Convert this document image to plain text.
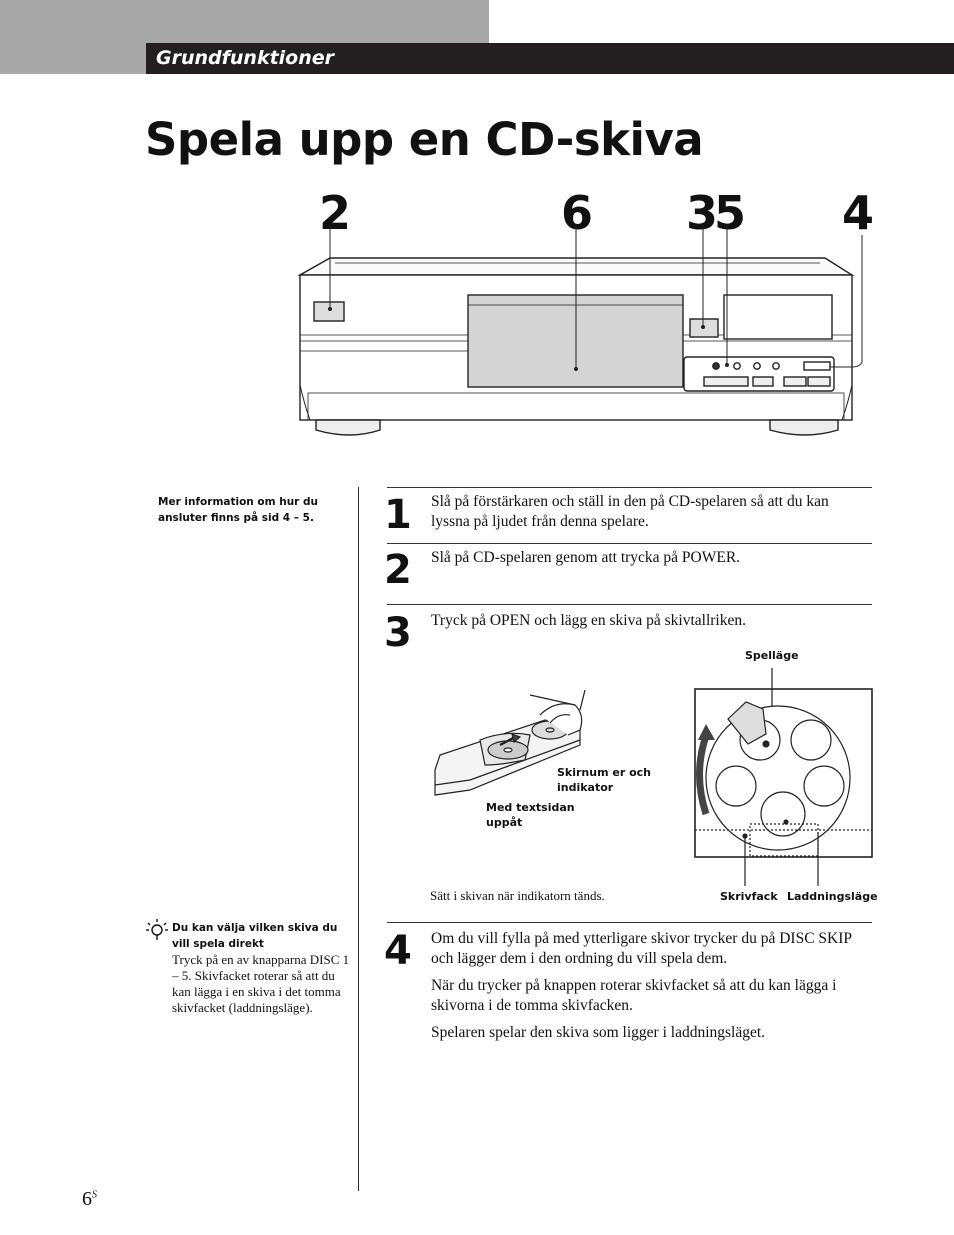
Grundfunktioner
Spela upp en CD-skiva
2	6 3
5 4
Mer information om hur du ansluter finns på sid 4 – 5.
Du kan välja vilken skiva du vill spela direkt
Tryck på en av knapparna DISC 1 – 5. Skivfacket roterar så att du kan lägga i en skiva i det tomma skivfacket (laddningsläge).
1 Slå på förstärkaren och ställ in den på CD-spelaren så att du kan lyssna på ljudet från denna spelare.

2 Slå på CD-spelaren genom att trycka på POWER.

3 Tryck på OPEN och lägg en skiva på skivtallriken.

Skirnum er och indikator
Med textsidan uppåt
Spelläge
Skrivfack Laddningsläge
Sätt i skivan när indikatorn tänds.
4 Om du vill fylla på med ytterligare skivor trycker du på DISC SKIP och lägger dem i den ordning du vill spela dem.

När du trycker på knappen roterar skivfacket så att du kan lägga i skivorna i de tomma skivfacken.

Spelaren spelar den skiva som ligger i laddningsläget.

$6^S$
